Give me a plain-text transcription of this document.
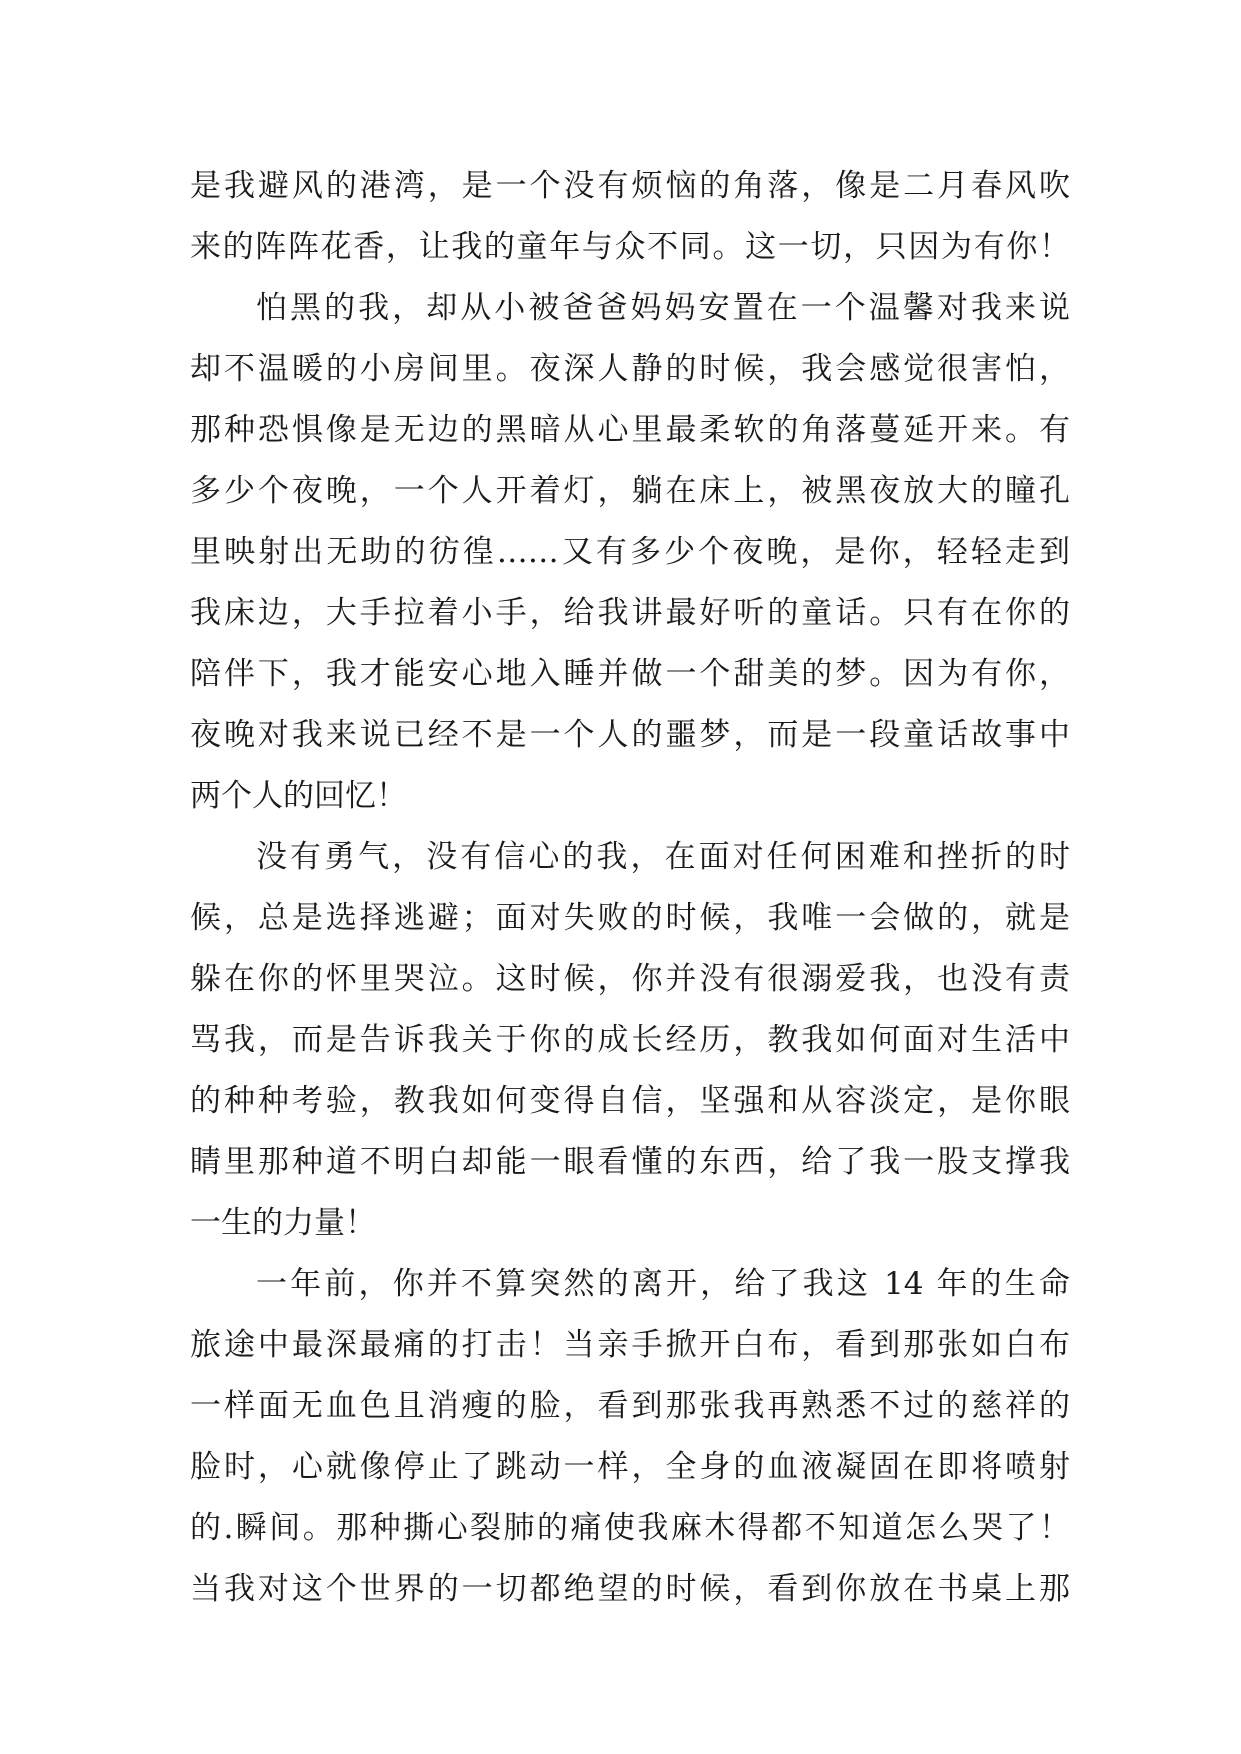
是我避风的港湾，是一个没有烦恼的角落，像是二月春风吹
来的阵阵花香，让我的童年与众不同。这一切，只因为有你！
怕黑的我，却从小被爸爸妈妈安置在一个温馨对我来说
却不温暖的小房间里。夜深人静的时候，我会感觉很害怕，
那种恐惧像是无边的黑暗从心里最柔软的角落蔓延开来。有
多少个夜晚，一个人开着灯，躺在床上，被黑夜放大的瞳孔
里映射出无助的彷徨……又有多少个夜晚，是你，轻轻走到
我床边，大手拉着小手，给我讲最好听的童话。只有在你的
陪伴下，我才能安心地入睡并做一个甜美的梦。因为有你，
夜晚对我来说已经不是一个人的噩梦，而是一段童话故事中
两个人的回忆！
没有勇气，没有信心的我，在面对任何困难和挫折的时
候，总是选择逃避；面对失败的时候，我唯一会做的，就是
躲在你的怀里哭泣。这时候，你并没有很溺爱我，也没有责
骂我，而是告诉我关于你的成长经历，教我如何面对生活中
的种种考验，教我如何变得自信，坚强和从容淡定，是你眼
睛里那种道不明白却能一眼看懂的东西，给了我一股支撑我
一生的力量！
一年前，你并不算突然的离开，给了我这 14 年的生命
旅途中最深最痛的打击！当亲手掀开白布，看到那张如白布
一样面无血色且消瘦的脸，看到那张我再熟悉不过的慈祥的
脸时，心就像停止了跳动一样，全身的血液凝固在即将喷射
的.瞬间。那种撕心裂肺的痛使我麻木得都不知道怎么哭了！
当我对这个世界的一切都绝望的时候，看到你放在书桌上那
